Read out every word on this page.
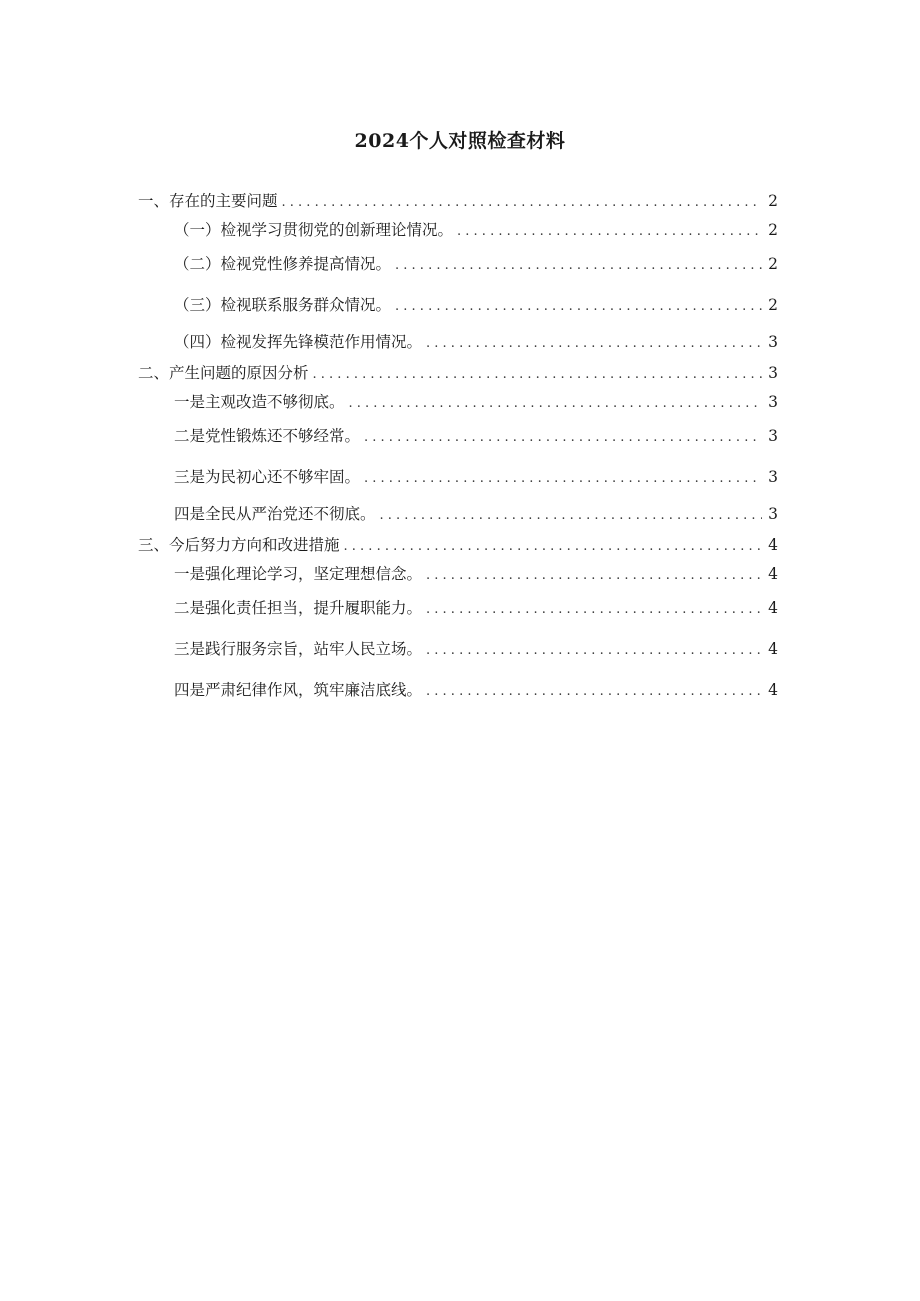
2024个人对照检查材料
一、存在的主要问题 . . .	2
（一）检视学习贯彻党的创新理论情况。 . . .	2
（二）检视党性修养提高情况。 . . .	2
（三）检视联系服务群众情况。 . . .	2
（四）检视发挥先锋模范作用情况。 . . .	3
二、产生问题的原因分析 . . .	3
一是主观改造不够彻底。 . . .	3
二是党性锻炼还不够经常。 . . .	3
三是为民初心还不够牢固。 . . .	3
四是全民从严治党还不彻底。 . . .	3
三、今后努力方向和改进措施 . . .	4
一是强化理论学习，坚定理想信念。 . . .	4
二是强化责任担当，提升履职能力。 . . .	4
三是践行服务宗旨，站牢人民立场。 . . .	4
四是严肃纪律作风，筑牢廉洁底线。 . . .	4
